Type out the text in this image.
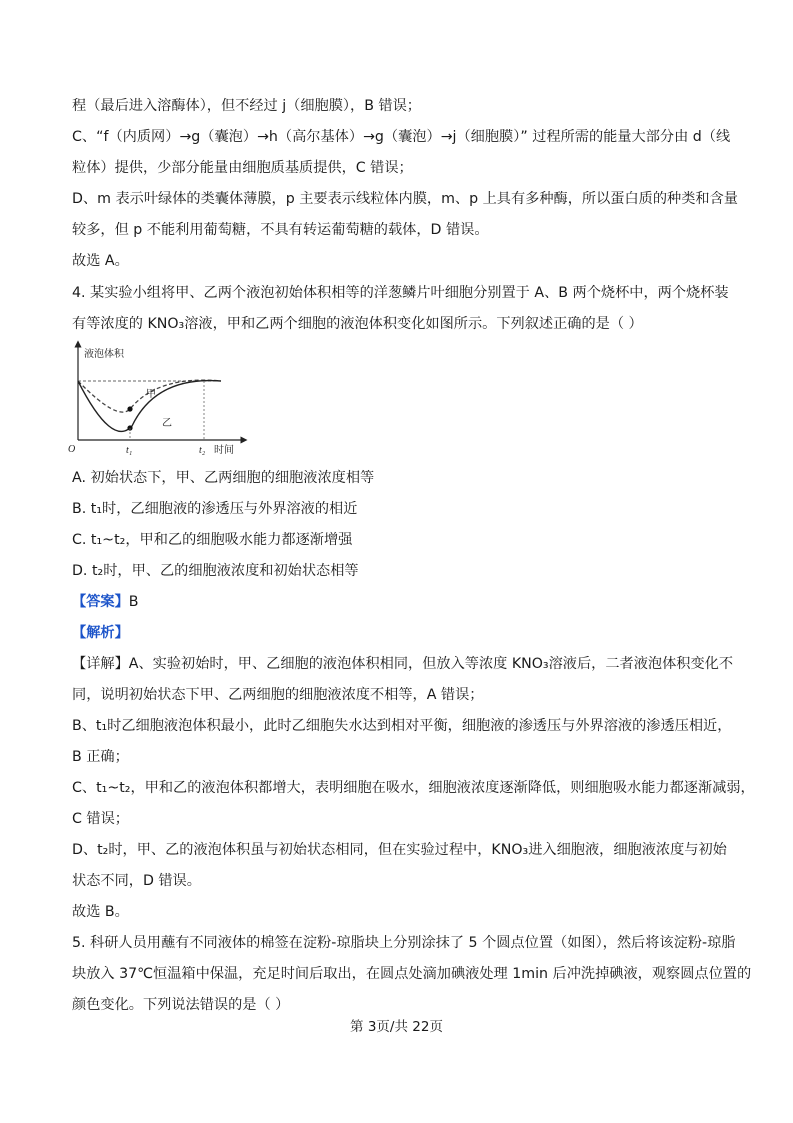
程（最后进入溶酶体），但不经过 j（细胞膜），B 错误；
C、“f（内质网）→g（囊泡）→h（高尔基体）→g（囊泡）→j（细胞膜）” 过程所需的能量大部分由 d（线
粒体）提供，少部分能量由细胞质基质提供，C 错误；
D、m 表示叶绿体的类囊体薄膜，p 主要表示线粒体内膜，m、p 上具有多种酶，所以蛋白质的种类和含量
较多，但 p 不能利用葡萄糖，不具有转运葡萄糖的载体，D 错误。
故选 A。
4. 某实验小组将甲、乙两个液泡初始体积相等的洋葱鳞片叶细胞分别置于 A、B 两个烧杯中，两个烧杯装
有等浓度的 KNO₃溶液，甲和乙两个细胞的液泡体积变化如图所示。下列叙述正确的是（ ）
液泡体积
O
甲
乙
t₁	t₂ 时间
A. 初始状态下，甲、乙两细胞的细胞液浓度相等
B. t₁时，乙细胞液的渗透压与外界溶液的相近
C. t₁~t₂，甲和乙的细胞吸水能力都逐渐增强
D. t₂时，甲、乙的细胞液浓度和初始状态相等
【答案】B
【解析】
【详解】A、实验初始时，甲、乙细胞的液泡体积相同，但放入等浓度 KNO₃溶液后，二者液泡体积变化不
同，说明初始状态下甲、乙两细胞的细胞液浓度不相等，A 错误；
B、t₁时乙细胞液泡体积最小，此时乙细胞失水达到相对平衡，细胞液的渗透压与外界溶液的渗透压相近，
B 正确；
C、t₁~t₂，甲和乙的液泡体积都增大，表明细胞在吸水，细胞液浓度逐渐降低，则细胞吸水能力都逐渐减弱，
C 错误；
D、t₂时，甲、乙的液泡体积虽与初始状态相同，但在实验过程中，KNO₃进入细胞液，细胞液浓度与初始
状态不同，D 错误。
故选 B。
5. 科研人员用蘸有不同液体的棉签在淀粉-琼脂块上分别涂抹了 5 个圆点位置（如图），然后将该淀粉-琼脂
块放入 37℃恒温箱中保温，充足时间后取出，在圆点处滴加碘液处理 1min 后冲洗掉碘液，观察圆点位置的
颜色变化。下列说法错误的是（ ）
第 3页/共 22页
